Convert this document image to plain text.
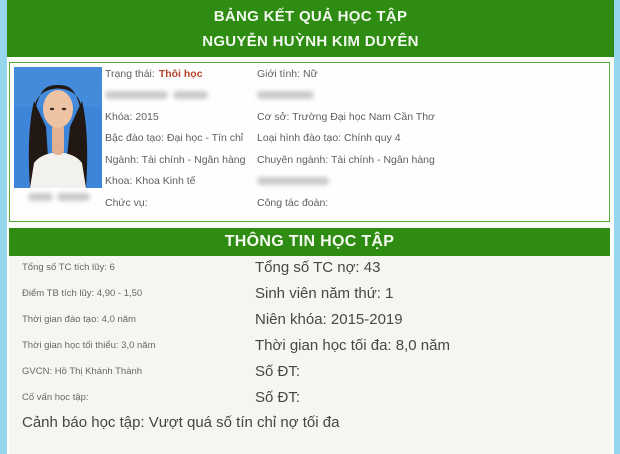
BẢNG KẾT QUẢ HỌC TẬP
NGUYỄN HUỲNH KIM DUYÊN
Trạng thái: Thôi học
Khóa: 2015
Bậc đào tạo: Đại học - Tín chỉ
Ngành: Tài chính - Ngân hàng
Khoa: Khoa Kinh tế
Chức vụ:
Giới tính: Nữ
Cơ sở: Trường Đại học Nam Cần Thơ
Loại hình đào tạo: Chính quy 4
Chuyên ngành: Tài chính - Ngân hàng
Công tác đoàn:
THÔNG TIN HỌC TẬP
Tổng số TC tích lũy: 6	Tổng số TC nợ: 43
Điểm TB tích lũy: 4,90 - 1,50	Sinh viên năm thứ: 1
Thời gian đào tạo: 4,0 năm	Niên khóa: 2015-2019
Thời gian học tối thiểu: 3,0 năm	Thời gian học tối đa: 8,0 năm
GVCN: Hồ Thị Khánh Thành	Số ĐT:
Cố vấn học tập:	Số ĐT:
Cảnh báo học tập: Vượt quá số tín chỉ nợ tối đa
